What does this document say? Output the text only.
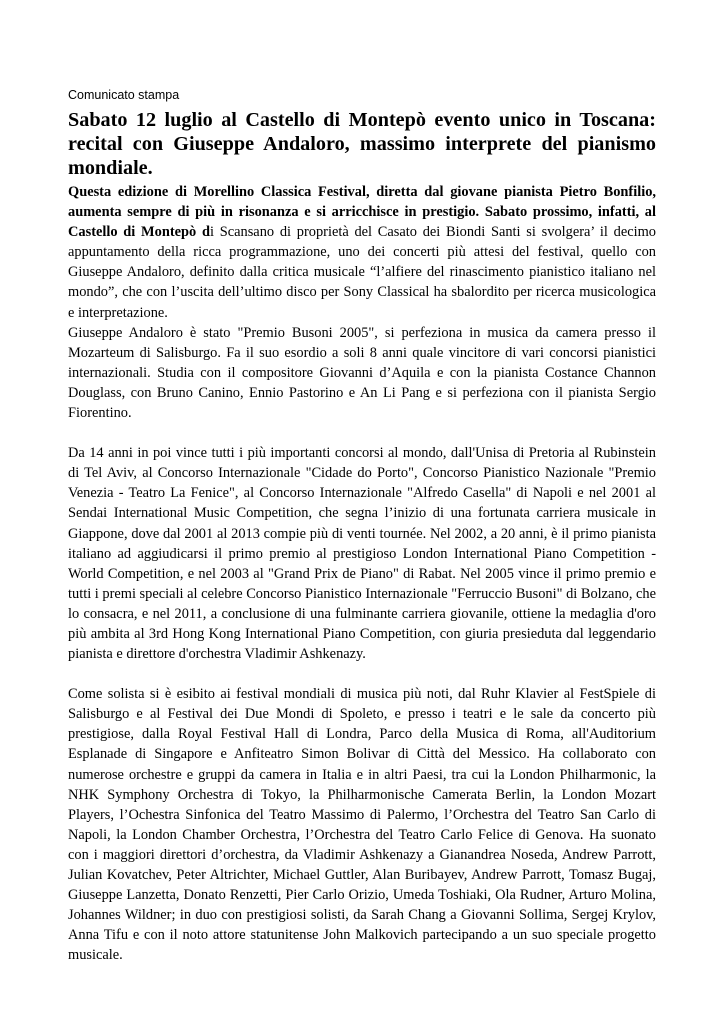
Comunicato stampa
Sabato 12 luglio al Castello di Montepò evento unico in Toscana: recital con Giuseppe Andaloro, massimo interprete del pianismo mondiale.

Questa edizione di Morellino Classica Festival, diretta dal giovane pianista Pietro Bonfilio, aumenta sempre di più in risonanza e si arricchisce in prestigio. Sabato prossimo, infatti, al Castello di Montepò di Scansano di proprietà del Casato dei Biondi Santi si svolgera’ il decimo appuntamento della ricca programmazione, uno dei concerti più attesi del festival, quello con Giuseppe Andaloro, definito dalla critica musicale “l’alfiere del rinascimento pianistico italiano nel mondo”, che con l’uscita dell’ultimo disco per Sony Classical ha sbalordito per ricerca musicologica e interpretazione.

Giuseppe Andaloro è stato "Premio Busoni 2005", si perfeziona in musica da camera presso il Mozarteum di Salisburgo. Fa il suo esordio a soli 8 anni quale vincitore di vari concorsi pianistici internazionali. Studia con il compositore Giovanni d’Aquila e con la pianista Costance Channon Douglass, con Bruno Canino, Ennio Pastorino e An Li Pang e si perfeziona con il pianista Sergio Fiorentino.

Da 14 anni in poi vince tutti i più importanti concorsi al mondo, dall'Unisa di Pretoria al Rubinstein di Tel Aviv, al Concorso Internazionale "Cidade do Porto", Concorso Pianistico Nazionale "Premio Venezia - Teatro La Fenice", al Concorso Internazionale "Alfredo Casella" di Napoli e nel 2001 al Sendai International Music Competition, che segna l’inizio di una fortunata carriera musicale in Giappone, dove dal 2001 al 2013 compie più di venti tournée. Nel 2002, a 20 anni, è il primo pianista italiano ad aggiudicarsi il primo premio al prestigioso London International Piano Competition - World Competition, e nel 2003 al "Grand Prix de Piano" di Rabat. Nel 2005 vince il primo premio e tutti i premi speciali al celebre Concorso Pianistico Internazionale "Ferruccio Busoni" di Bolzano, che lo consacra, e nel 2011, a conclusione di una fulminante carriera giovanile, ottiene la medaglia d'oro più ambita al 3rd Hong Kong International Piano Competition, con giuria presieduta dal leggendario pianista e direttore d'orchestra Vladimir Ashkenazy.

Come solista si è esibito ai festival mondiali di musica più noti, dal Ruhr Klavier al FestSpiele di Salisburgo e al Festival dei Due Mondi di Spoleto, e presso i teatri e le sale da concerto più prestigiose, dalla Royal Festival Hall di Londra, Parco della Musica di Roma, all'Auditorium Esplanade di Singapore e Anfiteatro Simon Bolivar di Città del Messico. Ha collaborato con numerose orchestre e gruppi da camera in Italia e in altri Paesi, tra cui la London Philharmonic, la NHK Symphony Orchestra di Tokyo, la Philharmonische Camerata Berlin, la London Mozart Players, l’Ochestra Sinfonica del Teatro Massimo di Palermo, l’Orchestra del Teatro San Carlo di Napoli, la London Chamber Orchestra, l’Orchestra del Teatro Carlo Felice di Genova. Ha suonato con i maggiori direttori d’orchestra, da Vladimir Ashkenazy a Gianandrea Noseda, Andrew Parrott, Julian Kovatchev, Peter Altrichter, Michael Guttler, Alan Buribayev, Andrew Parrott, Tomasz Bugaj, Giuseppe Lanzetta, Donato Renzetti, Pier Carlo Orizio, Umeda Toshiaki, Ola Rudner, Arturo Molina, Johannes Wildner; in duo con prestigiosi solisti, da Sarah Chang a Giovanni Sollima, Sergej Krylov, Anna Tifu e con il noto attore statunitense John Malkovich partecipando a un suo speciale progetto musicale.
